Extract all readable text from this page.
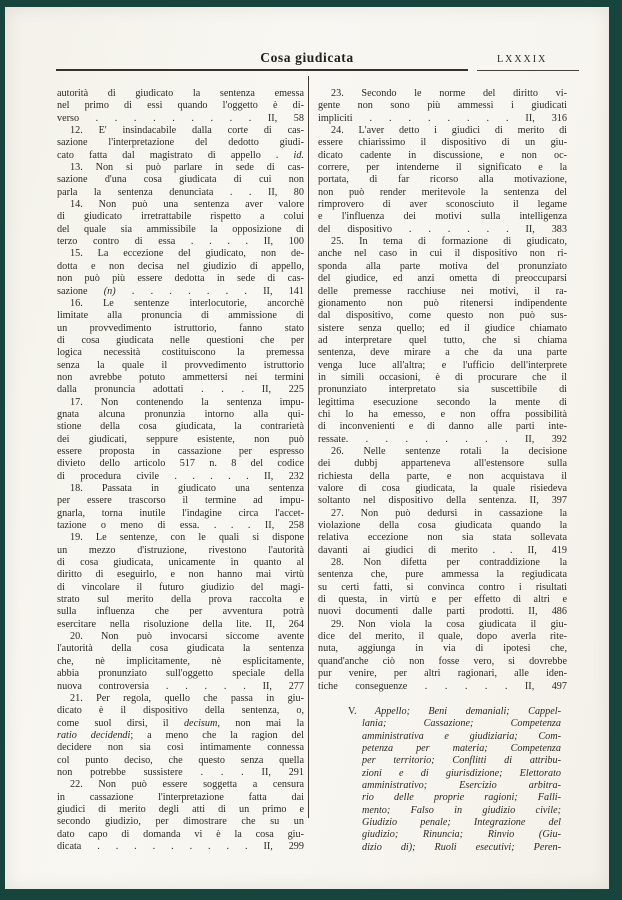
Cosa giudicata	LXXXIX
autorità di giudicato la sentenza emessa
nel primo di essi quando l'oggetto è di-
verso . . . . . . . . . II, 58
12. E' insindacabile dalla corte di cas-
sazione l'interpretazione del dedotto giudi-
cato fatta dal magistrato di appello . id.
13. Non si può parlare in sede di cas-
sazione d'una cosa giudicata di cui non
parla la sentenza denunciata . . II, 80
14. Non può una sentenza aver valore
di giudicato irretrattabile rispetto a colui
del quale sia ammissibile la opposizione di
terzo contro di essa . . . . II, 100
15. La eccezione del giudicato, non de-
dotta e non decisa nel giudizio di appello,
non può più essere dedotta in sede di cas-
sazione (n) . . . . . . . II, 141
16. Le sentenze interlocutorie, ancorchè
limitate alla pronuncia di ammissione di
un provvedimento istruttorio, fanno stato
di cosa giudicata nelle questioni che per
logica necessità costituiscono la premessa
senza la quale il provvedimento istruttorio
non avrebbe potuto ammettersi nei termini
dalla pronuncia adottati . . . II, 225
17. Non contenendo la sentenza impu-
gnata alcuna pronunzia intorno alla qui-
stione della cosa giudicata, la contrarietà
dei giudicati, seppure esistente, non può
essere proposta in cassazione per espresso
divieto dello articolo 517 n. 8 del codice
di procedura civile . . . . . II, 232
18. Passata in giudicato una sentenza
per essere trascorso il termine ad impu-
gnarla, torna inutile l'indagine circa l'accet-
tazione o meno di essa. . . . II, 258
19. Le sentenze, con le quali si dispone
un mezzo d'istruzione, rivestono l'autorità
di cosa giudicata, unicamente in quanto al
diritto di eseguirlo, e non hanno mai virtù
di vincolare il futuro giudizio del magi-
strato sul merito della prova raccolta e
sulla influenza che per avventura potrà
esercitare nella risoluzione della lite. II, 264
20. Non può invocarsi siccome avente
l'autorità della cosa giudicata la sentenza
che, nè implicitamente, nè esplicitamente,
abbia pronunziato sull'oggetto speciale della
nuova controversia . . . . . II, 277
21. Per regola, quello che passa in giu-
dicato è il dispositivo della sentenza, o,
come suol dirsi, il decisum, non mai la
ratio decidendi; a meno che la ragion del
decidere non sia così intimamente connessa
col punto deciso, che questo senza quella
non potrebbe sussistere . . . II, 291
22. Non può essere soggetta a censura
in cassazione l'interpretazione fatta dai
giudici di merito degli atti di un primo e
secondo giudizio, per dimostrare che su un
dato capo di domanda vi è la cosa giu-
dicata . . . . . . . . . II, 299
23. Secondo le norme del diritto vi-
gente non sono più ammessi i giudicati
impliciti . . . . . . . . II, 316
24. L'aver detto i giudici di merito di
essere chiarissimo il dispositivo di un giu-
dicato cadente in discussione, e non oc-
correre, per intenderne il significato e la
portata, di far ricorso alla motivazione,
non può render meritevole la sentenza del
rimprovero di aver sconosciuto il legame
e l'influenza dei motivi sulla intelligenza
del dispositivo . . . . . . II, 383
25. In tema di formazione di giudicato,
anche nel caso in cui il dispositivo non ri-
sponda alla parte motiva del pronunziato
del giudice, ed anzi ometta di preoccuparsi
delle premesse racchiuse nei motivi, il ra-
gionamento non può ritenersi indipendente
dal dispositivo, come questo non può sus-
sistere senza quello; ed il giudice chiamato
ad interpretare quel tutto, che si chiama
sentenza, deve mirare a che da una parte
venga luce all'altra; e l'ufficio dell'interprete
in simili occasioni, è di procurare che il
pronunziato interpretato sia suscettibile di
legittima esecuzione secondo la mente di
chi lo ha emesso, e non offra possibilità
di inconvenienti e di danno alle parti inte-
ressate. . . . . . . . . II, 392
26. Nelle sentenze rotali la decisione
dei dubbj apparteneva all'estensore sulla
richiesta della parte, e non acquistava il
valore di cosa giudicata, la quale risiedeva
soltanto nel dispositivo della sentenza. II, 397
27. Non può dedursi in cassazione la
violazione della cosa giudicata quando la
relativa eccezione non sia stata sollevata
davanti ai giudici di merito . . II, 419
28. Non difetta per contraddizione la
sentenza che, pure ammessa la regiudicata
su certi fatti, si convinca contro i risultati
di questa, in virtù e per effetto di altri e
nuovi documenti dalle parti prodotti. II, 486
29. Non viola la cosa giudicata il giu-
dice del merito, il quale, dopo averla rite-
nuta, aggiunga in via di ipotesi che,
quand'anche ciò non fosse vero, si dovrebbe
pur venire, per altri ragionari, alle iden-
tiche conseguenze . . . . . II, 497
V. Appello; Beni demaniali; Cappel-
lania; Cassazione; Competenza
amministrativa e giudiziaria; Com-
petenza per materia; Competenza
per territorio; Conflitti di attribu-
zioni e di giurisdizione; Elettorato
amministrativo; Esercizio arbitra-
rio delle proprie ragioni; Falli-
mento; Falso in giudizio civile;
Giudizio penale; Integrazione del
giudizio; Rinuncia; Rinvio (Giu-
dizio di); Ruoli esecutivi; Peren-
